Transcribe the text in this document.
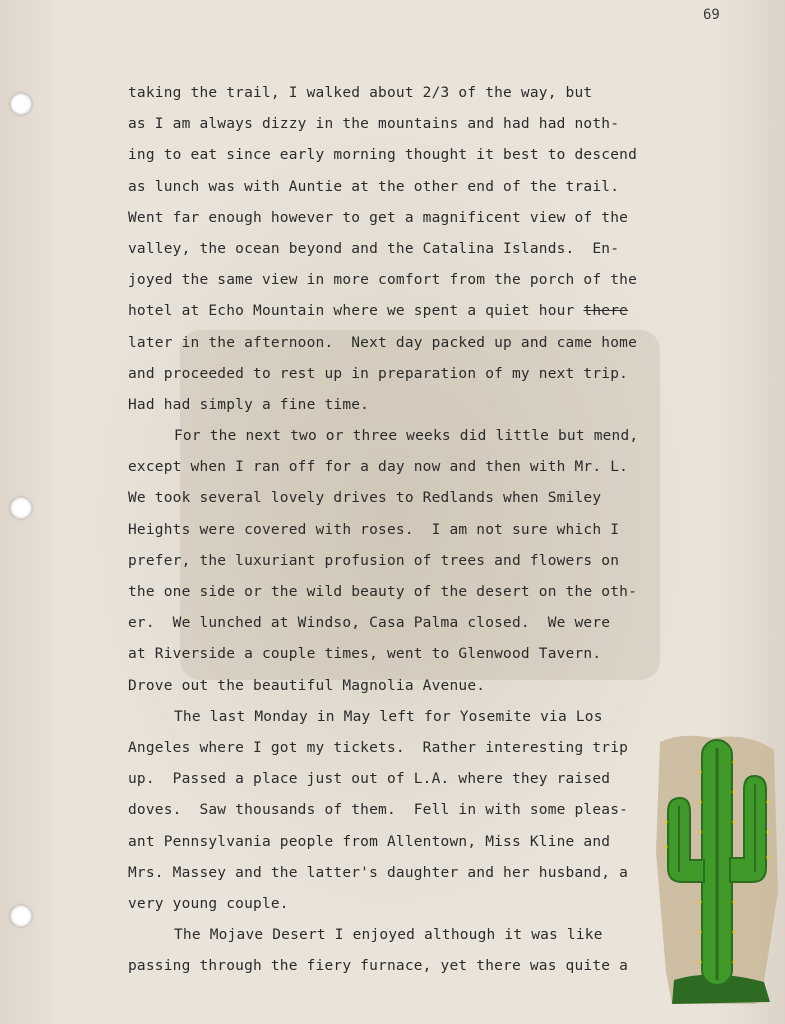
69
taking the trail, I walked about 2/3 of the way, but
as I am always dizzy in the mountains and had had noth-
ing to eat since early morning thought it best to descend
as lunch was with Auntie at the other end of the trail.
Went far enough however to get a magnificent view of the
valley, the ocean beyond and the Catalina Islands.  En-
joyed the same view in more comfort from the porch of the
hotel at Echo Mountain where we spent a quiet hour there
later in the afternoon.  Next day packed up and came home
and proceeded to rest up in preparation of my next trip.
Had had simply a fine time.
For the next two or three weeks did little but mend,
except when I ran off for a day now and then with Mr. L.
We took several lovely drives to Redlands when Smiley
Heights were covered with roses.  I am not sure which I
prefer, the luxuriant profusion of trees and flowers on
the one side or the wild beauty of the desert on the oth-
er.  We lunched at Windso, Casa Palma closed.  We were
at Riverside a couple times, went to Glenwood Tavern.
Drove out the beautiful Magnolia Avenue.
The last Monday in May left for Yosemite via Los
Angeles where I got my tickets.  Rather interesting trip
up.  Passed a place just out of L.A. where they raised
doves.  Saw thousands of them.  Fell in with some pleas-
ant Pennsylvania people from Allentown, Miss Kline and
Mrs. Massey and the latter's daughter and her husband, a
very young couple.
The Mojave Desert I enjoyed although it was like
passing through the fiery furnace, yet there was quite a
